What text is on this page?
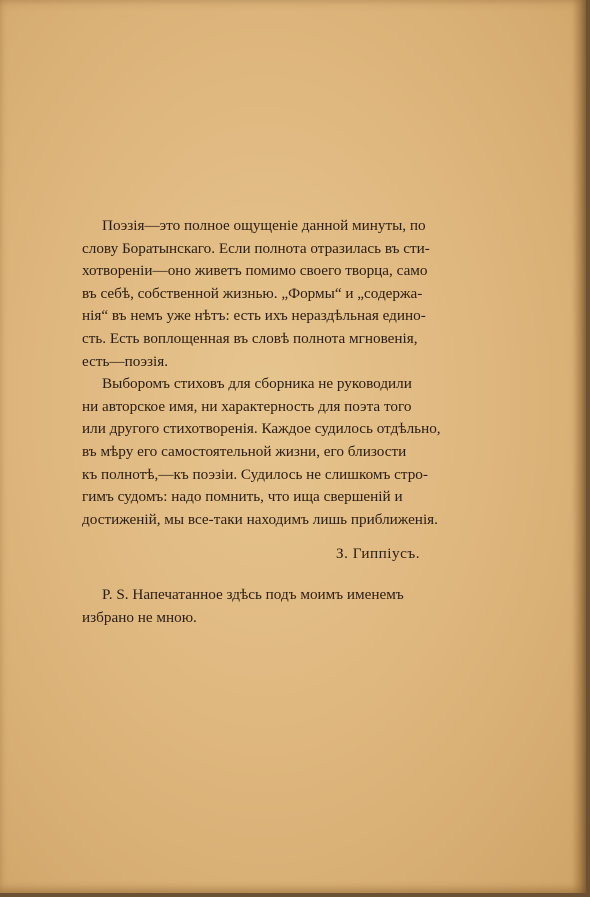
Поэзія—это полное ощущеніе данной минуты, по
слову Боратынскаго. Если полнота отразилась въ сти-
хотвореніи—оно живетъ помимо своего творца, само
въ себѣ, собственной жизнью. „Формы“ и „содержа-
нія“ въ немъ уже нѣтъ: есть ихъ нераздѣльная едино-
сть. Есть воплощенная въ словѣ полнота мгновенія,
есть—поэзія.

Выборомъ стиховъ для сборника не руководили
ни авторское имя, ни характерность для поэта того
или другого стихотворенія. Каждое судилось отдѣльно,
въ мѣру его самостоятельной жизни, его близости
къ полнотѣ,—къ поэзіи. Судилось не слишкомъ стро-
гимъ судомъ: надо помнить, что ища свершеній и
достиженій, мы все-таки находимъ лишь приближенія.

З. Гиппіусъ.

P. S. Напечатанное здѣсь подъ моимъ именемъ
избрано не мною.
